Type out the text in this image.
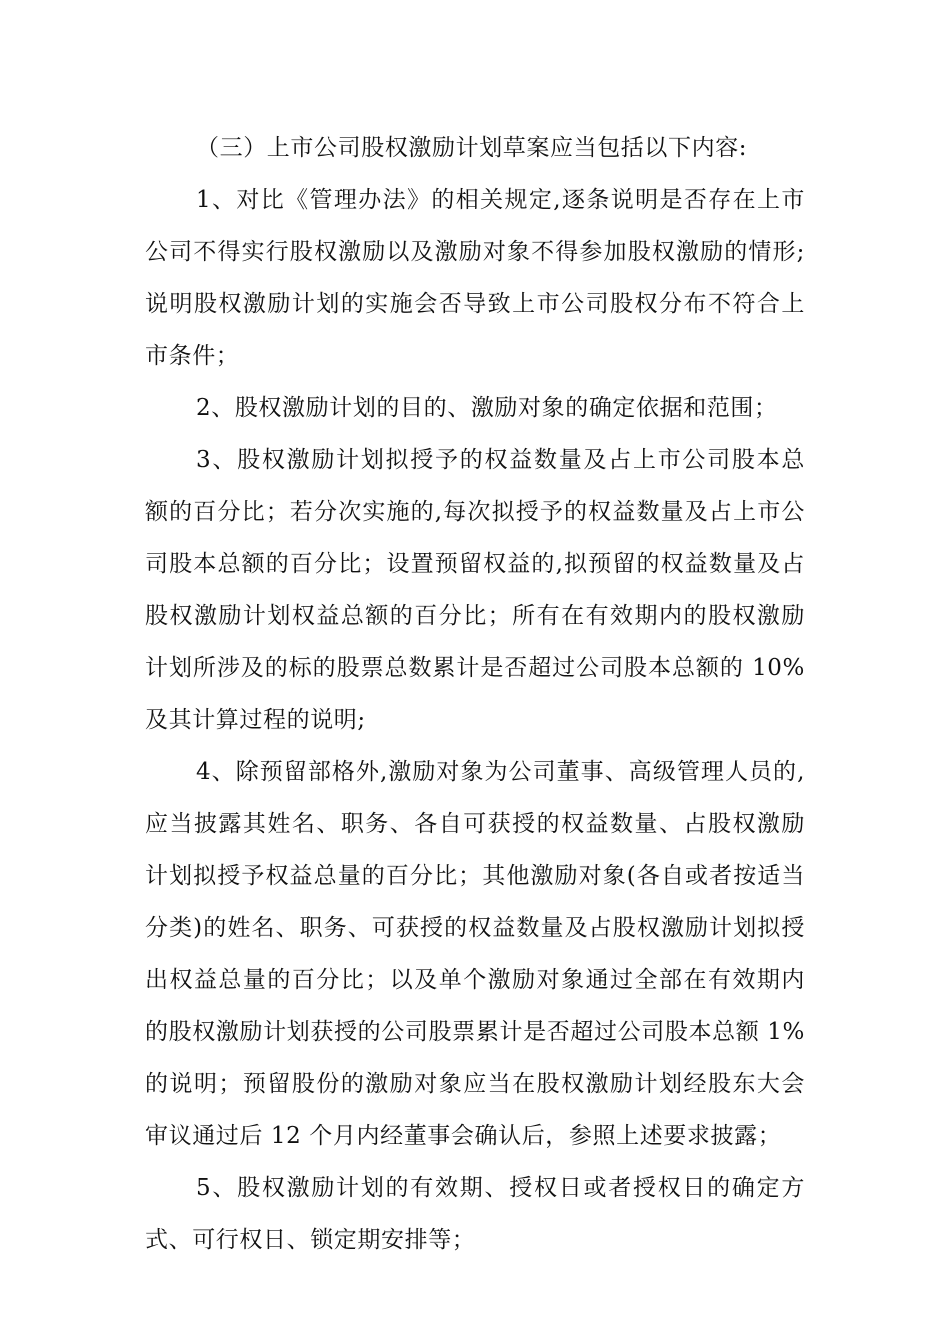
（三）上市公司股权激励计划草案应当包括以下内容:
1、对比《管理办法》的相关规定,逐条说明是否存在上市
公司不得实行股权激励以及激励对象不得参加股权激励的情形;
说明股权激励计划的实施会否导致上市公司股权分布不符合上
市条件；
2、股权激励计划的目的、激励对象的确定依据和范围；
3、股权激励计划拟授予的权益数量及占上市公司股本总
额的百分比；若分次实施的,每次拟授予的权益数量及占上市公
司股本总额的百分比；设置预留权益的,拟预留的权益数量及占
股权激励计划权益总额的百分比；所有在有效期内的股权激励
计划所涉及的标的股票总数累计是否超过公司股本总额的 10%
及其计算过程的说明;
4、除预留部格外,激励对象为公司董事、高级管理人员的,
应当披露其姓名、职务、各自可获授的权益数量、占股权激励
计划拟授予权益总量的百分比；其他激励对象(各自或者按适当
分类)的姓名、职务、可获授的权益数量及占股权激励计划拟授
出权益总量的百分比；以及单个激励对象通过全部在有效期内
的股权激励计划获授的公司股票累计是否超过公司股本总额 1%
的说明；预留股份的激励对象应当在股权激励计划经股东大会
审议通过后 12 个月内经董事会确认后，参照上述要求披露；
5、股权激励计划的有效期、授权日或者授权日的确定方
式、可行权日、锁定期安排等；
